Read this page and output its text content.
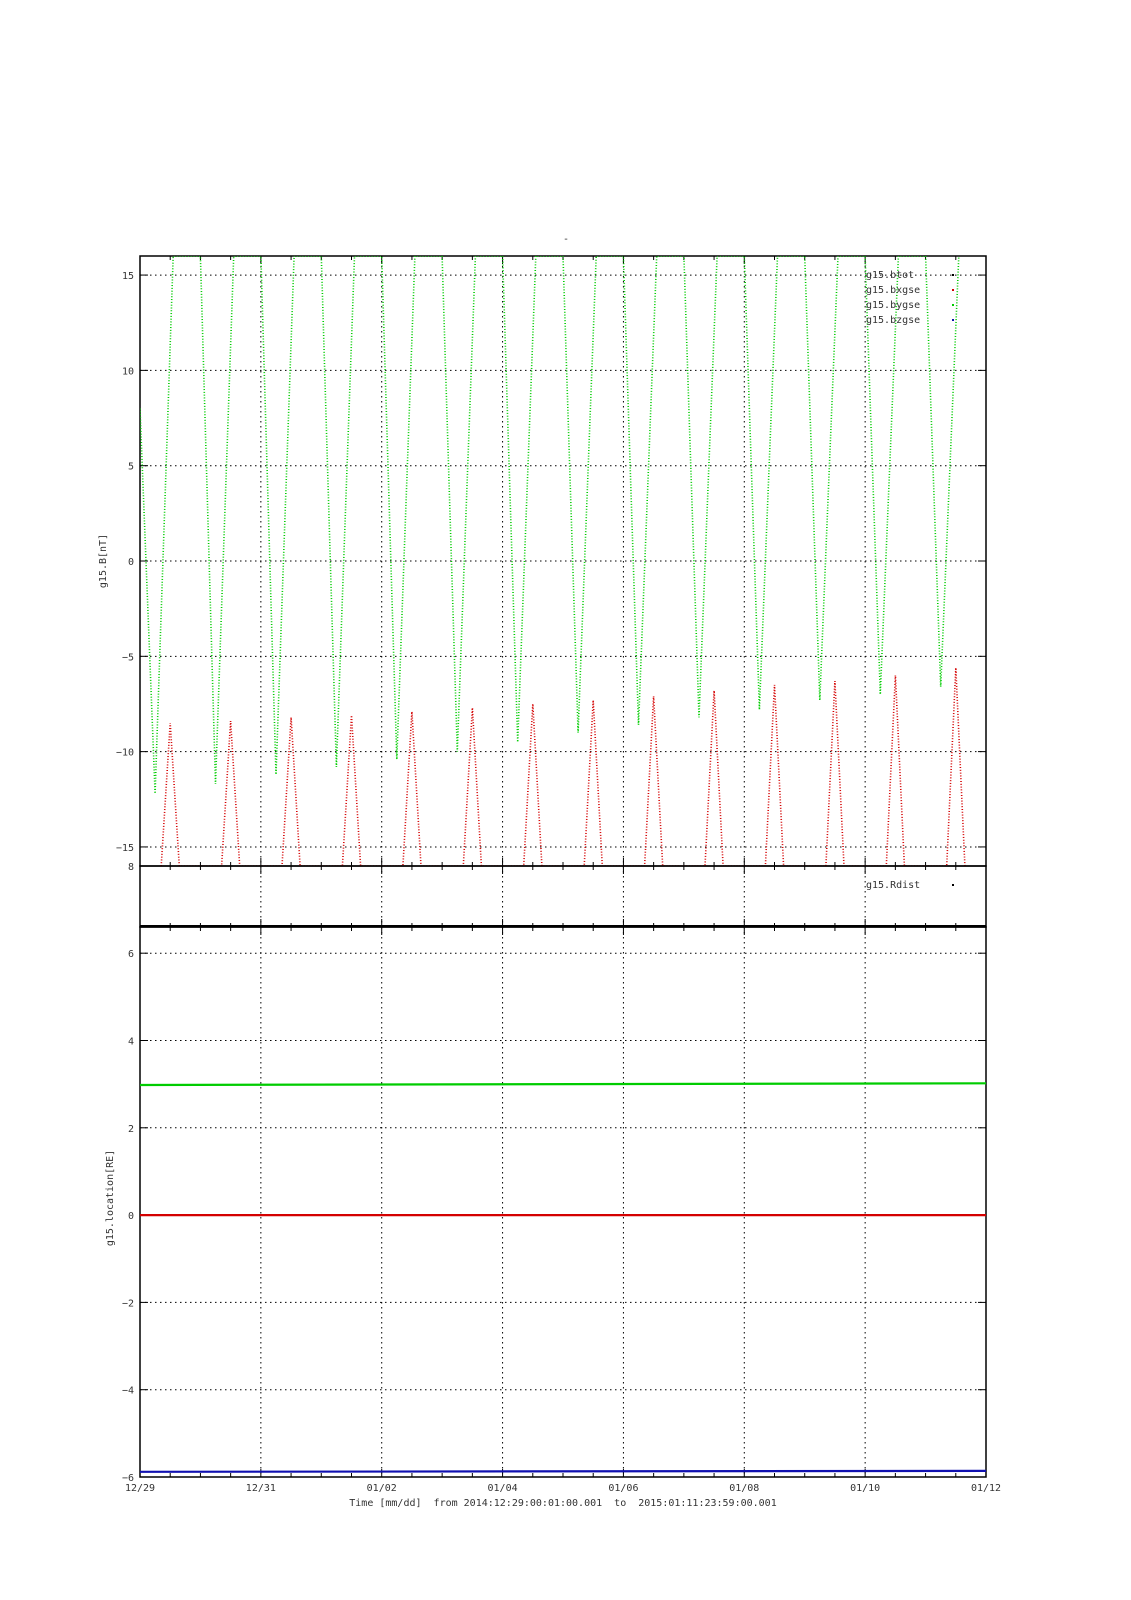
-
15
10
5
0
−5
−10
−15
g15.btot
g15.bxgse
g15.bygse
g15.bzgse
g15.B[nT]
8
g15.Rdist
6
4
2
0
−2
−4
−6
g15.location[RE]
12/29	12/31	01/02	01/04	01/06	01/08	01/10	01/12
Time [mm/dd]  from 2014:12:29:00:01:00.001  to  2015:01:11:23:59:00.001
